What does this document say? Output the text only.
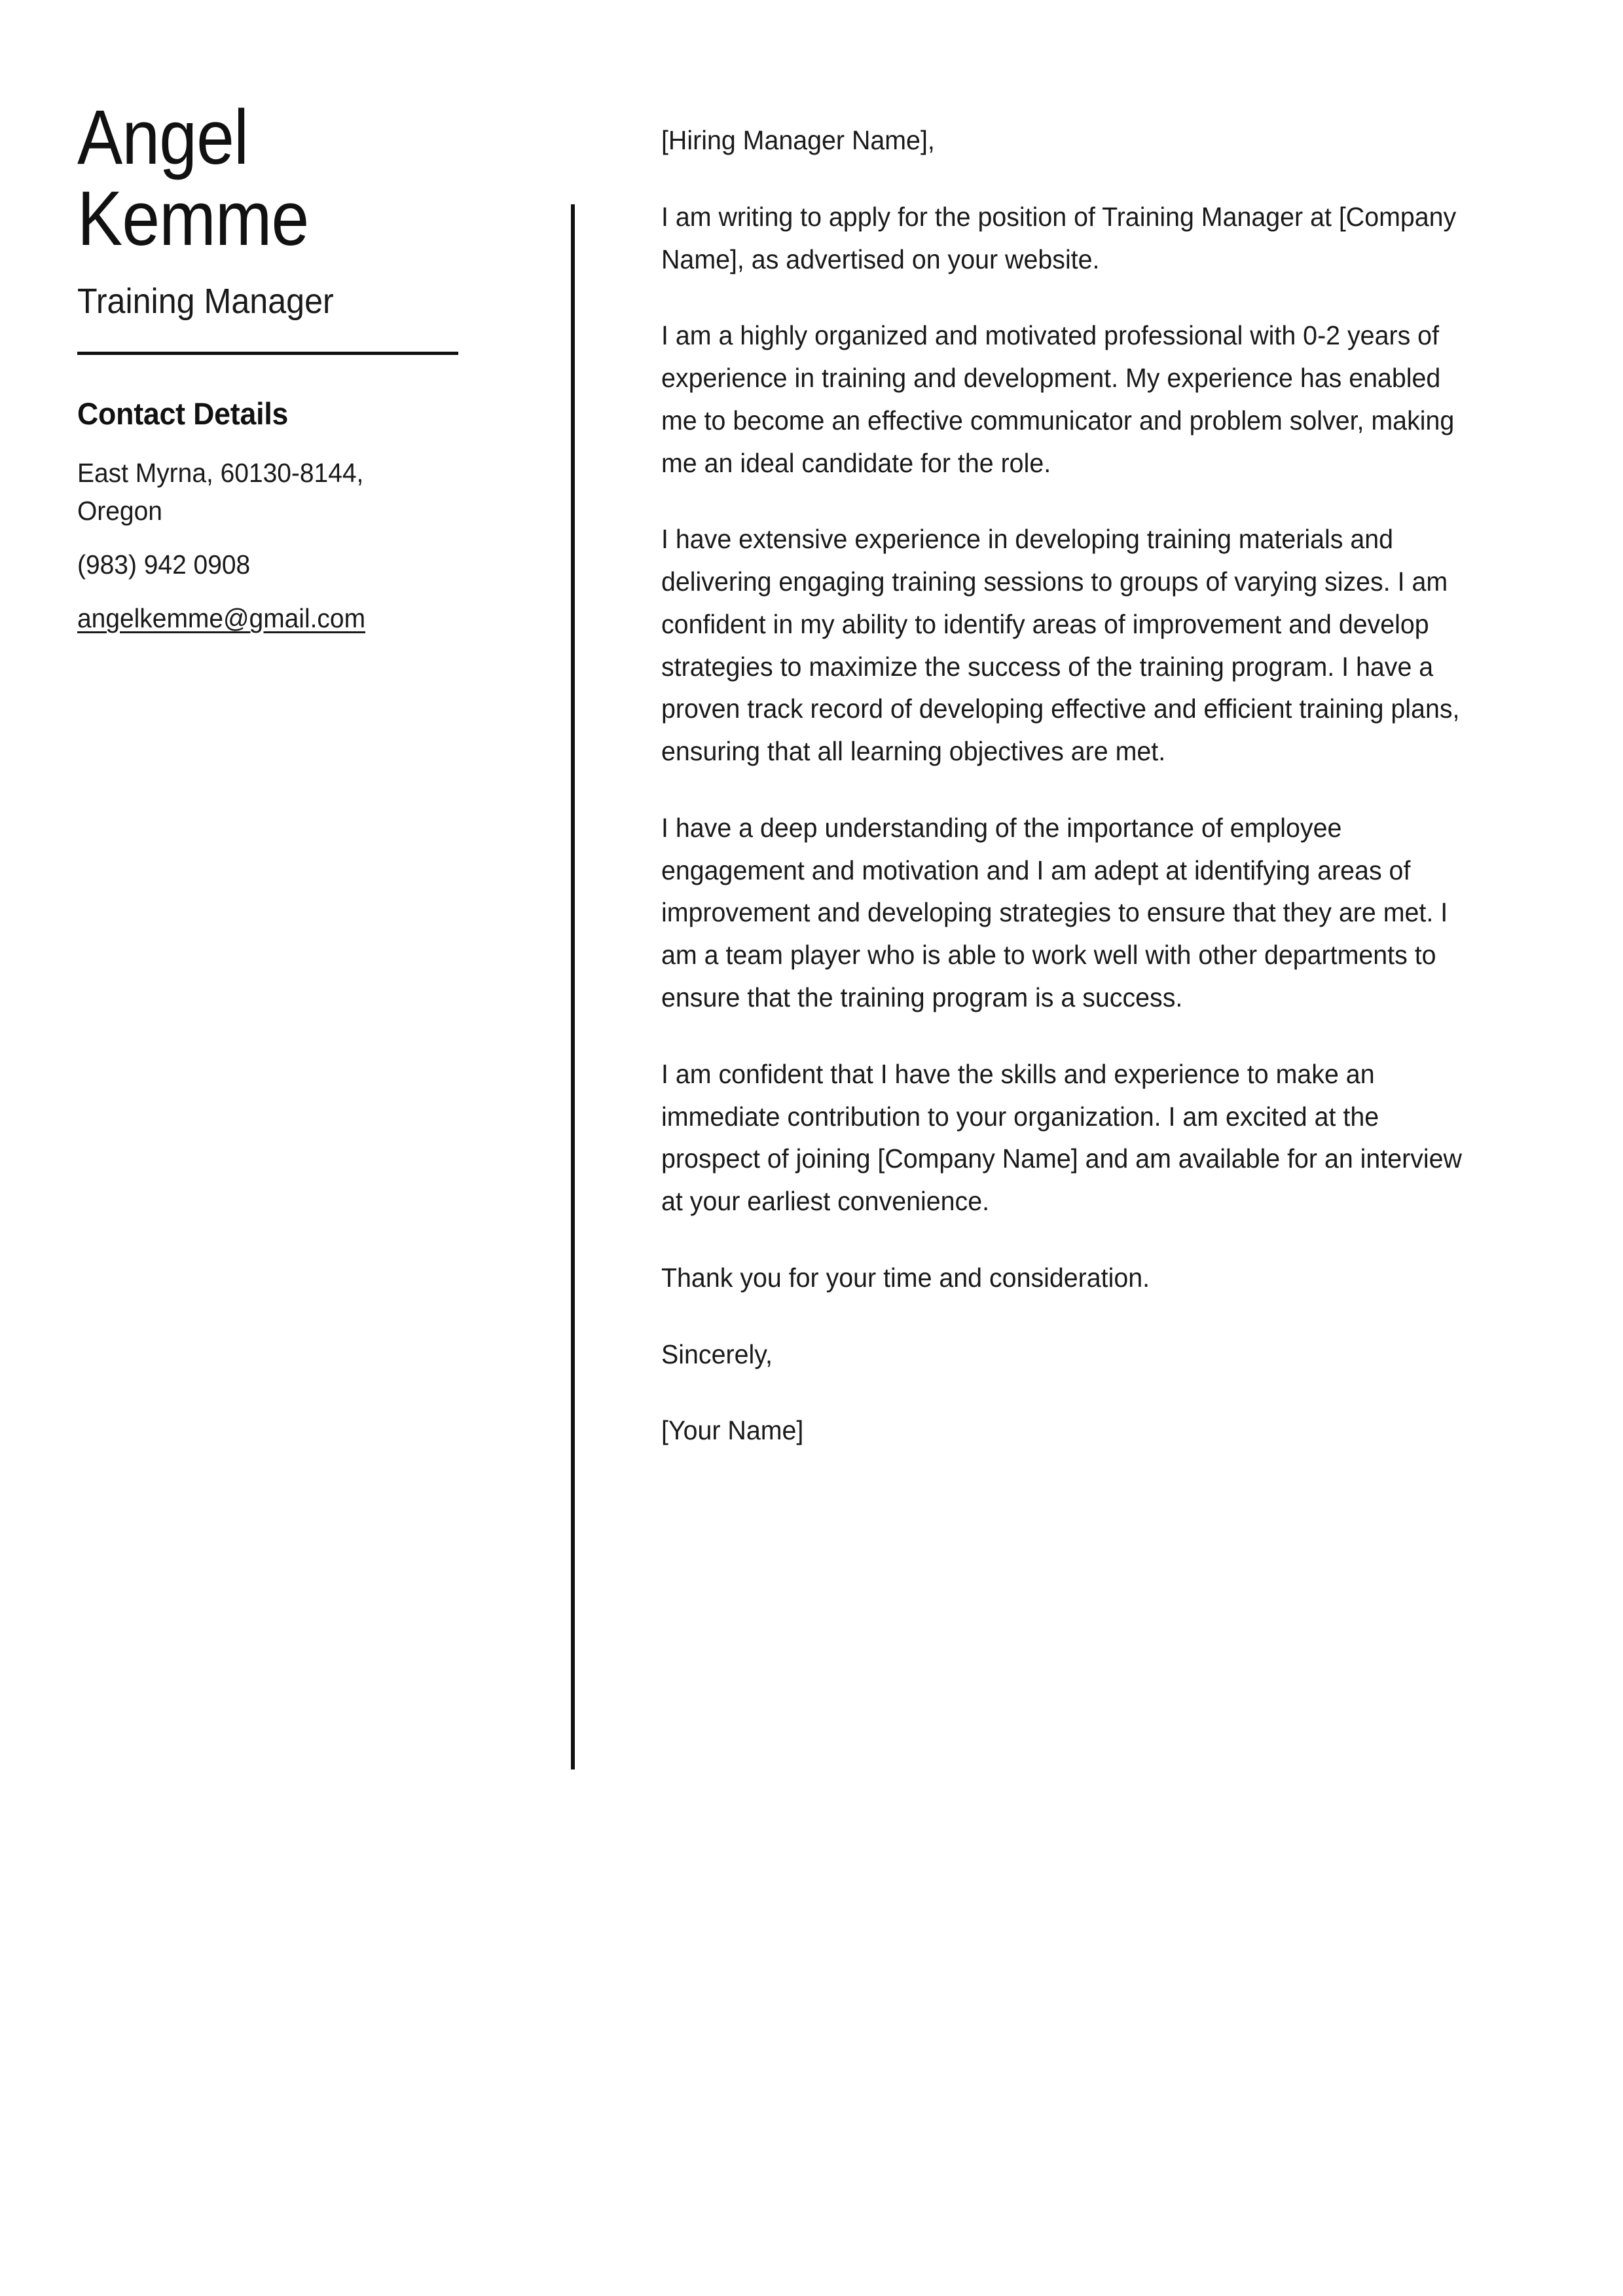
Angel
Kemme
Training Manager
Contact Details
East Myrna, 60130-8144, Oregon
(983) 942 0908
angelkemme@gmail.com

[Hiring Manager Name],

I am writing to apply for the position of Training Manager at [Company Name], as advertised on your website.

I am a highly organized and motivated professional with 0-2 years of experience in training and development. My experience has enabled me to become an effective communicator and problem solver, making me an ideal candidate for the role.

I have extensive experience in developing training materials and delivering engaging training sessions to groups of varying sizes. I am confident in my ability to identify areas of improvement and develop strategies to maximize the success of the training program. I have a proven track record of developing effective and efficient training plans, ensuring that all learning objectives are met.

I have a deep understanding of the importance of employee engagement and motivation and I am adept at identifying areas of improvement and developing strategies to ensure that they are met. I am a team player who is able to work well with other departments to ensure that the training program is a success.

I am confident that I have the skills and experience to make an immediate contribution to your organization. I am excited at the prospect of joining [Company Name] and am available for an interview at your earliest convenience.

Thank you for your time and consideration.

Sincerely,

[Your Name]
